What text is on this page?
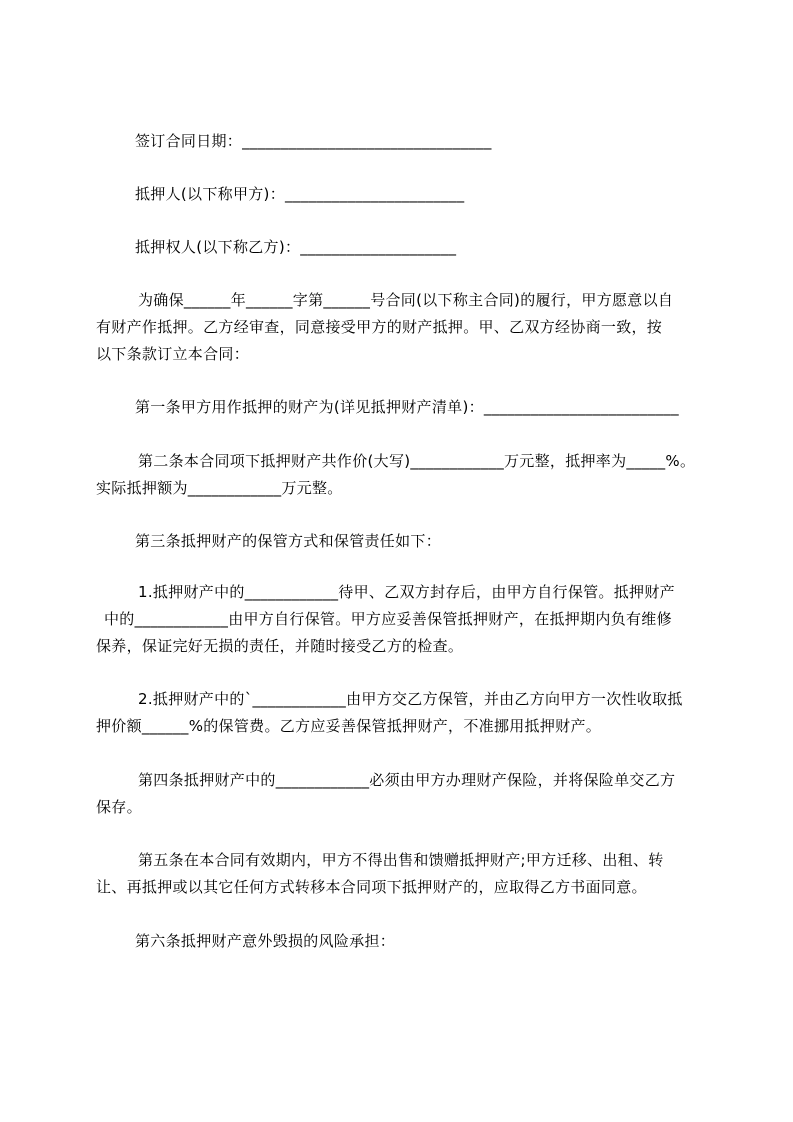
签订合同日期：________________________________

抵押人(以下称甲方)：_______________________

抵押权人(以下称乙方)：____________________

为确保______年______字第______号合同(以下称主合同)的履行，甲方愿意以自

有财产作抵押。乙方经审查，同意接受甲方的财产抵押。甲、乙双方经协商一致，按

以下条款订立本合同：

第一条甲方用作抵押的财产为(详见抵押财产清单)：_________________________

第二条本合同项下抵押财产共作价(大写)____________万元整，抵押率为_____%。

实际抵押额为____________万元整。

第三条抵押财产的保管方式和保管责任如下：

1.抵押财产中的____________待甲、乙双方封存后，由甲方自行保管。抵押财产

中的____________由甲方自行保管。甲方应妥善保管抵押财产，在抵押期内负有维修

保养，保证完好无损的责任，并随时接受乙方的检查。

2.抵押财产中的`____________由甲方交乙方保管，并由乙方向甲方一次性收取抵

押价额______%的保管费。乙方应妥善保管抵押财产，不准挪用抵押财产。

第四条抵押财产中的____________必须由甲方办理财产保险，并将保险单交乙方

保存。

第五条在本合同有效期内，甲方不得出售和馈赠抵押财产;甲方迁移、出租、转

让、再抵押或以其它任何方式转移本合同项下抵押财产的，应取得乙方书面同意。

第六条抵押财产意外毁损的风险承担：
